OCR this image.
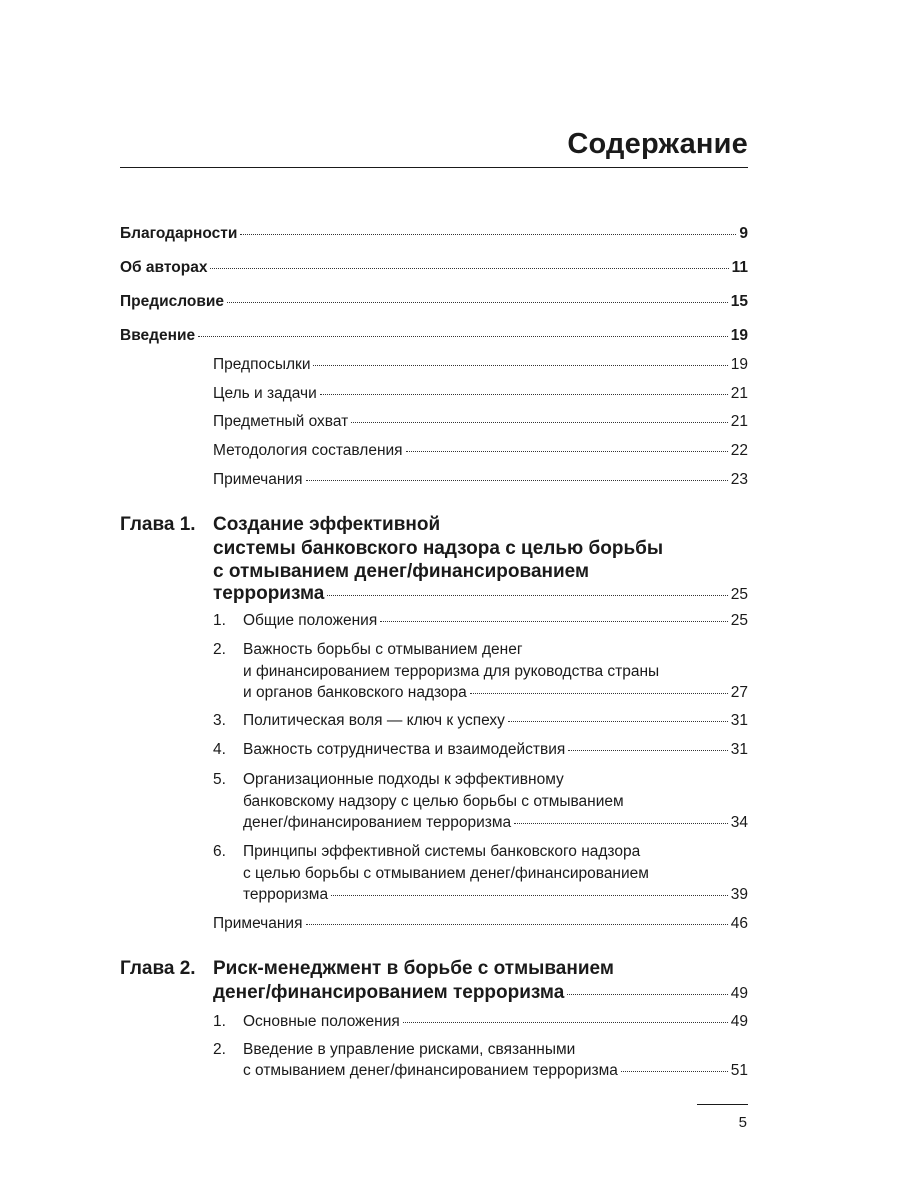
Содержание
Благодарности	9
Об авторах	11
Предисловие	15
Введение	19
Предпосылки	19
Цель и задачи	21
Предметный охват	21
Методология составления	22
Примечания	23
Глава 1. Создание эффективной
системы банковского надзора с целью борьбы
с отмыванием денег/финансированием
терроризма	25
1. Общие положения	25
2. Важность борьбы с отмыванием денег
и финансированием терроризма для руководства страны
и органов банковского надзора	27
3. Политическая воля — ключ к успеху	31
4. Важность сотрудничества и взаимодействия	31
5. Организационные подходы к эффективному
банковскому надзору с целью борьбы с отмыванием
денег/финансированием терроризма	34
6. Принципы эффективной системы банковского надзора
с целью борьбы с отмыванием денег/финансированием
терроризма	39
Примечания	46
Глава 2. Риск-менеджмент в борьбе с отмыванием
денег/финансированием терроризма	49
1. Основные положения	49
2. Введение в управление рисками, связанными
с отмыванием денег/финансированием терроризма	51
5
